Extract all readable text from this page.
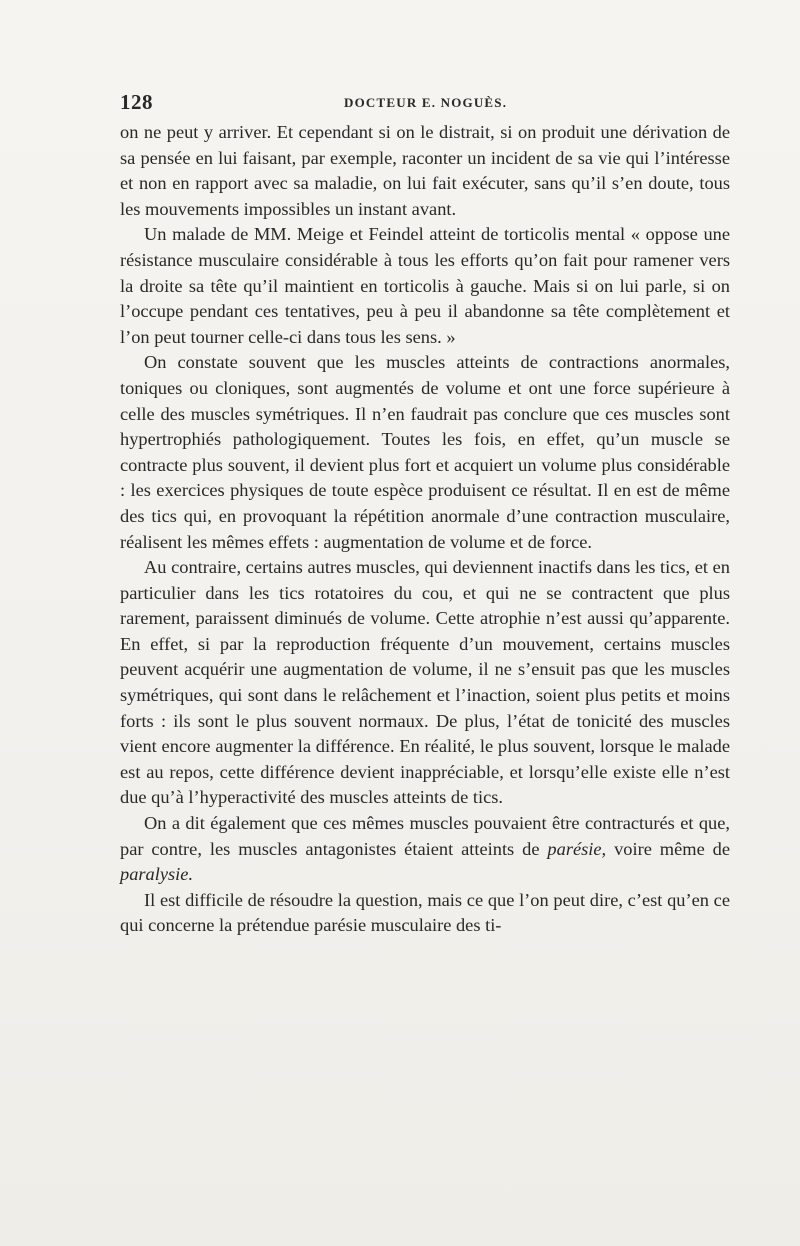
128	DOCTEUR E. NOGUÈS.

on ne peut y arriver. Et cependant si on le distrait, si on produit une dérivation de sa pensée en lui faisant, par exemple, raconter un incident de sa vie qui l’intéresse et non en rapport avec sa maladie, on lui fait exécuter, sans qu’il s’en doute, tous les mouvements impossibles un instant avant.

Un malade de MM. Meige et Feindel atteint de torticolis mental « oppose une résistance musculaire considérable à tous les efforts qu’on fait pour ramener vers la droite sa tête qu’il maintient en torticolis à gauche. Mais si on lui parle, si on l’occupe pendant ces tentatives, peu à peu il abandonne sa tête complètement et l’on peut tourner celle-ci dans tous les sens. »

On constate souvent que les muscles atteints de contractions anormales, toniques ou cloniques, sont augmentés de volume et ont une force supérieure à celle des muscles symétriques. Il n’en faudrait pas conclure que ces muscles sont hypertrophiés pathologiquement. Toutes les fois, en effet, qu’un muscle se contracte plus souvent, il devient plus fort et acquiert un volume plus considérable : les exercices physiques de toute espèce produisent ce résultat. Il en est de même des tics qui, en provoquant la répétition anormale d’une contraction musculaire, réalisent les mêmes effets : augmentation de volume et de force.

Au contraire, certains autres muscles, qui deviennent inactifs dans les tics, et en particulier dans les tics rotatoires du cou, et qui ne se contractent que plus rarement, paraissent diminués de volume. Cette atrophie n’est aussi qu’apparente. En effet, si par la reproduction fréquente d’un mouvement, certains muscles peuvent acquérir une augmentation de volume, il ne s’ensuit pas que les muscles symétriques, qui sont dans le relâchement et l’inaction, soient plus petits et moins forts : ils sont le plus souvent normaux. De plus, l’état de tonicité des muscles vient encore augmenter la différence. En réalité, le plus souvent, lorsque le malade est au repos, cette différence devient inappréciable, et lorsqu’elle existe elle n’est due qu’à l’hyperactivité des muscles atteints de tics.

On a dit également que ces mêmes muscles pouvaient être contracturés et que, par contre, les muscles antagonistes étaient atteints de parésie, voire même de paralysie.

Il est difficile de résoudre la question, mais ce que l’on peut dire, c’est qu’en ce qui concerne la prétendue parésie musculaire des ti-
